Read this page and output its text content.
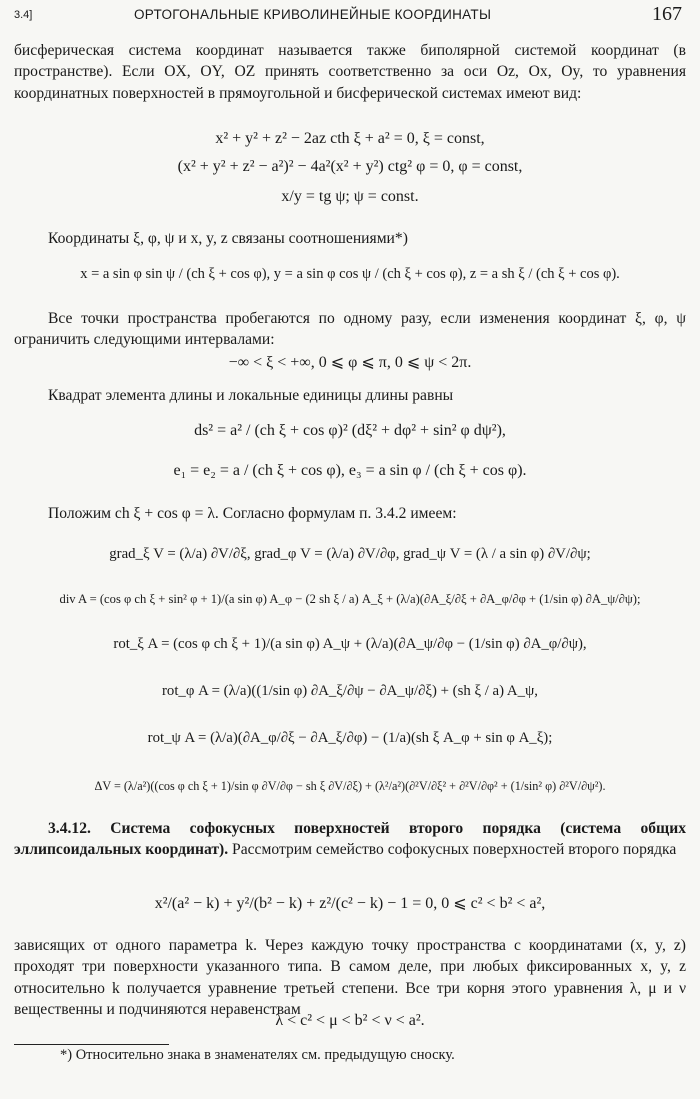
3.4]	ОРТОГОНАЛЬНЫЕ КРИВОЛИНЕЙНЫЕ КООРДИНАТЫ	167

бисферическая система координат называется также биполярной системой координат (в пространстве). Если OX, OY, OZ принять соответственно за оси Oz, Ox, Oy, то уравнения координатных поверхностей в прямоугольной и бисферической системах имеют вид:

x² + y² + z² − 2az cth ξ + a² = 0, ξ = const,
(x² + y² + z² − a²)² − 4a²(x² + y²) ctg² φ = 0, φ = const,
x/y = tg ψ; ψ = const.

Координаты ξ, φ, ψ и x, y, z связаны соотношениями*)

x = a sin φ sin ψ / (ch ξ + cos φ), y = a sin φ cos ψ / (ch ξ + cos φ), z = a sh ξ / (ch ξ + cos φ).

Все точки пространства пробегаются по одному разу, если изменения координат ξ, φ, ψ ограничить следующими интервалами:

−∞ < ξ < +∞, 0 ⩽ φ ⩽ π, 0 ⩽ ψ < 2π.

Квадрат элемента длины и локальные единицы длины равны

ds² = a² / (ch ξ + cos φ)² (dξ² + dφ² + sin² φ dψ²),
e₁ = e₂ = a / (ch ξ + cos φ), e₃ = a sin φ / (ch ξ + cos φ).

Положим ch ξ + cos φ = λ. Согласно формулам п. 3.4.2 имеем:

grad_ξ V = (λ/a) ∂V/∂ξ, grad_φ V = (λ/a) ∂V/∂φ, grad_ψ V = (λ / a sin φ) ∂V/∂ψ;
div A = (cos φ ch ξ + sin² φ + 1)/(a sin φ) A_φ − (2 sh ξ / a) A_ξ + (λ/a)(∂A_ξ/∂ξ + ∂A_φ/∂φ + (1/sin φ) ∂A_ψ/∂ψ);
rot_ξ A = (cos φ ch ξ + 1)/(a sin φ) A_ψ + (λ/a)(∂A_ψ/∂φ − (1/sin φ) ∂A_φ/∂ψ),
rot_φ A = (λ/a)((1/sin φ) ∂A_ξ/∂ψ − ∂A_ψ/∂ξ) + (sh ξ / a) A_ψ,
rot_ψ A = (λ/a)(∂A_φ/∂ξ − ∂A_ξ/∂φ) − (1/a)(sh ξ A_φ + sin φ A_ξ);
ΔV = (λ/a²)((cos φ ch ξ + 1)/sin φ ∂V/∂φ − sh ξ ∂V/∂ξ) + (λ²/a²)(∂²V/∂ξ² + ∂²V/∂φ² + (1/sin² φ) ∂²V/∂ψ²).

3.4.12. Система софокусных поверхностей второго порядка (система общих эллипсоидальных координат). Рассмотрим семейство софокусных поверхностей второго порядка

x²/(a² − k) + y²/(b² − k) + z²/(c² − k) − 1 = 0, 0 ⩽ c² < b² < a²,

зависящих от одного параметра k. Через каждую точку пространства с координатами (x, y, z) проходят три поверхности указанного типа. В самом деле, при любых фиксированных x, y, z относительно k получается уравнение третьей степени. Все три корня этого уравнения λ, μ и ν вещественны и подчиняются неравенствам

λ < c² < μ < b² < ν < a².
*) Относительно знака в знаменателях см. предыдущую сноску.
